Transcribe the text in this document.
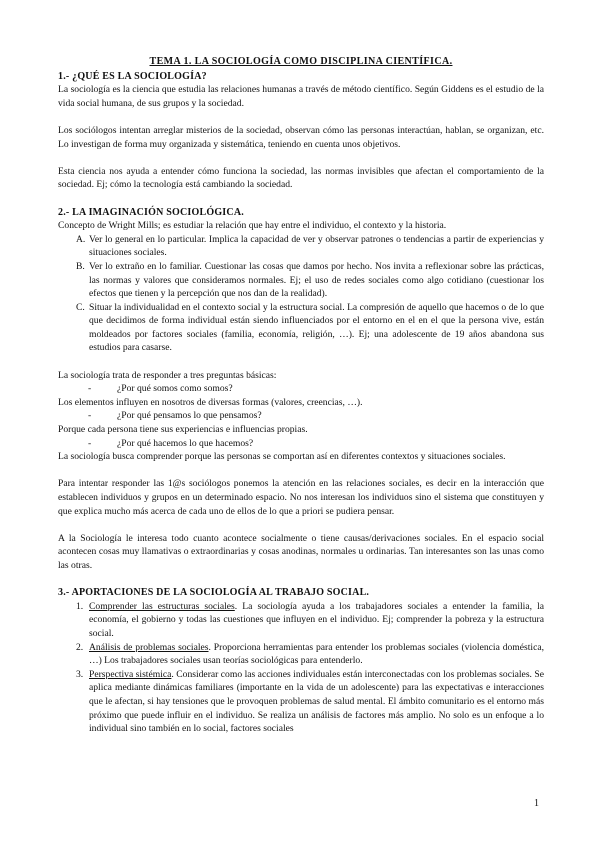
TEMA 1. LA SOCIOLOGÍA COMO DISCIPLINA CIENTÍFICA.

1.- ¿QUÉ ES LA SOCIOLOGÍA?

La sociología es la ciencia que estudia las relaciones humanas a través de método científico. Según Giddens es el estudio de la vida social humana, de sus grupos y la sociedad.

Los sociólogos intentan arreglar misterios de la sociedad, observan cómo las personas interactúan, hablan, se organizan, etc. Lo investigan de forma muy organizada y sistemática, teniendo en cuenta unos objetivos.

Esta ciencia nos ayuda a entender cómo funciona la sociedad, las normas invisibles que afectan el comportamiento de la sociedad. Ej; cómo la tecnología está cambiando la sociedad.

2.- LA IMAGINACIÓN SOCIOLÓGICA.

Concepto de Wright Mills; es estudiar la relación que hay entre el individuo, el contexto y la historia.

A. Ver lo general en lo particular. Implica la capacidad de ver y observar patrones o tendencias a partir de experiencias y situaciones sociales.
B. Ver lo extraño en lo familiar. Cuestionar las cosas que damos por hecho. Nos invita a reflexionar sobre las prácticas, las normas y valores que consideramos normales. Ej; el uso de redes sociales como algo cotidiano (cuestionar los efectos que tienen y la percepción que nos dan de la realidad).
C. Situar la individualidad en el contexto social y la estructura social. La compresión de aquello que hacemos o de lo que que decidimos de forma individual están siendo influenciados por el entorno en el en el que la persona vive, están moldeados por factores sociales (familia, economía, religión, …). Ej; una adolescente de 19 años abandona sus estudios para casarse.

La sociología trata de responder a tres preguntas básicas:

-	¿Por qué somos como somos?

Los elementos influyen en nosotros de diversas formas (valores, creencias, …).

-	¿Por qué pensamos lo que pensamos?

Porque cada persona tiene sus experiencias e influencias propias.

-	¿Por qué hacemos lo que hacemos?

La sociología busca comprender porque las personas se comportan así en diferentes contextos y situaciones sociales.

Para intentar responder las 1@s sociólogos ponemos la atención en las relaciones sociales, es decir en la interacción que establecen individuos y grupos en un determinado espacio. No nos interesan los individuos sino el sistema que constituyen y que explica mucho más acerca de cada uno de ellos de lo que a priori se pudiera pensar.

A la Sociología le interesa todo cuanto acontece socialmente o tiene causas/derivaciones sociales. En el espacio social acontecen cosas muy llamativas o extraordinarias y cosas anodinas, normales u ordinarias. Tan interesantes son las unas como las otras.

3.- APORTACIONES DE LA SOCIOLOGÍA AL TRABAJO SOCIAL.
1. Comprender las estructuras sociales. La sociología ayuda a los trabajadores sociales a entender la familia, la economía, el gobierno y todas las cuestiones que influyen en el individuo. Ej; comprender la pobreza y la estructura social.
2. Análisis de problemas sociales. Proporciona herramientas para entender los problemas sociales (violencia doméstica, …) Los trabajadores sociales usan teorías sociológicas para entenderlo.
3. Perspectiva sistémica. Considerar como las acciones individuales están interconectadas con los problemas sociales. Se aplica mediante dinámicas familiares (importante en la vida de un adolescente) para las expectativas e interacciones que le afectan, si hay tensiones que le provoquen problemas de salud mental. El ámbito comunitario es el entorno más próximo que puede influir en el individuo. Se realiza un análisis de factores más amplio. No solo es un enfoque a lo individual sino también en lo social, factores sociales
1
